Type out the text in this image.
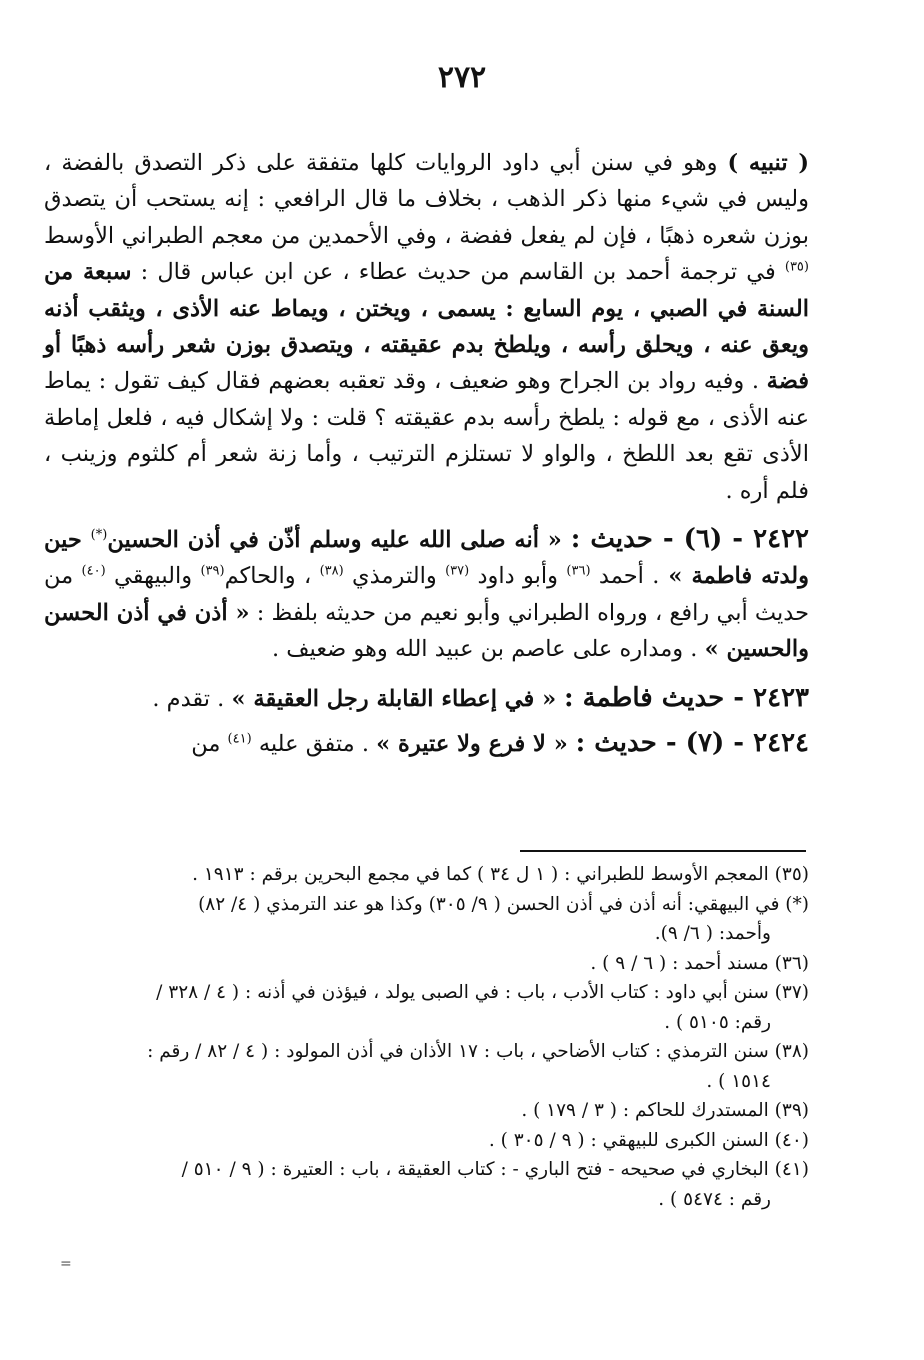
٢٧٢

( تنبيه ) وهو في سنن أبي داود الروايات كلها متفقة على ذكر التصدق بالفضة ، وليس في شيء منها ذكر الذهب ، بخلاف ما قال الرافعي : إنه يستحب أن يتصدق بوزن شعره ذهبًا ، فإن لم يفعل ففضة ، وفي الأحمدين من معجم الطبراني الأوسط $^{(٣٥)}$ في ترجمة أحمد بن القاسم من حديث عطاء ، عن ابن عباس قال : سبعة من السنة في الصبي ، يوم السابع : يسمى ، ويختن ، ويماط عنه الأذى ، ويثقب أذنه ويعق عنه ، ويحلق رأسه ، ويلطخ بدم عقيقته ، ويتصدق بوزن شعر رأسه ذهبًا أو فضة . وفيه رواد بن الجراح وهو ضعيف ، وقد تعقبه بعضهم فقال كيف تقول : يماط عنه الأذى ، مع قوله : يلطخ رأسه بدم عقيقته ؟ قلت : ولا إشكال فيه ، فلعل إماطة الأذى تقع بعد اللطخ ، والواو لا تستلزم الترتيب ، وأما زنة شعر أم كلثوم وزينب ، فلم أره .

٢٤٢٢ - (٦) - حديث : « أنه صلى الله عليه وسلم أذّن في أذن الحسين(*) حين ولدته فاطمة » . أحمد $^{(٣٦)}$ وأبو داود $^{(٣٧)}$ والترمذي $^{(٣٨)}$ ، والحاكم$^{(٣٩)}$ والبيهقي $^{(٤٠)}$ من حديث أبي رافع ، ورواه الطبراني وأبو نعيم من حديثه بلفظ : « أذن في أذن الحسن والحسين » . ومداره على عاصم بن عبيد الله وهو ضعيف .

٢٤٢٣ - حديث فاطمة : « في إعطاء القابلة رجل العقيقة » . تقدم .

٢٤٢٤ - (٧) - حديث : « لا فرع ولا عتيرة » . متفق عليه $^{(٤١)}$ من

(٣٥) المعجم الأوسط للطبراني : ( ١ ل ٣٤ ) كما في مجمع البحرين برقم : ١٩١٣ .

(*) في البيهقي: أنه أذن في أذن الحسن ( ٩/ ٣٠٥) وكذا هو عند الترمذي ( ٤/ ٨٢)
وأحمد: ( ٦/ ٩).

(٣٦) مسند أحمد : ( ٦ / ٩ ) .

(٣٧) سنن أبي داود : كتاب الأدب ، باب : في الصبى يولد ، فيؤذن في أذنه : ( ٤ / ٣٢٨ /
رقم: ٥١٠٥ ) .

(٣٨) سنن الترمذي : كتاب الأضاحي ، باب : ١٧ الأذان في أذن المولود : ( ٤ / ٨٢ / رقم :
١٥١٤ ) .

(٣٩) المستدرك للحاكم : ( ٣ / ١٧٩ ) .

(٤٠) السنن الكبرى للبيهقي : ( ٩ / ٣٠٥ ) .

(٤١) البخاري في صحيحه - فتح الباري - : كتاب العقيقة ، باب : العتيرة : ( ٩ / ٥١٠ /
رقم : ٥٤٧٤ ) .

=
